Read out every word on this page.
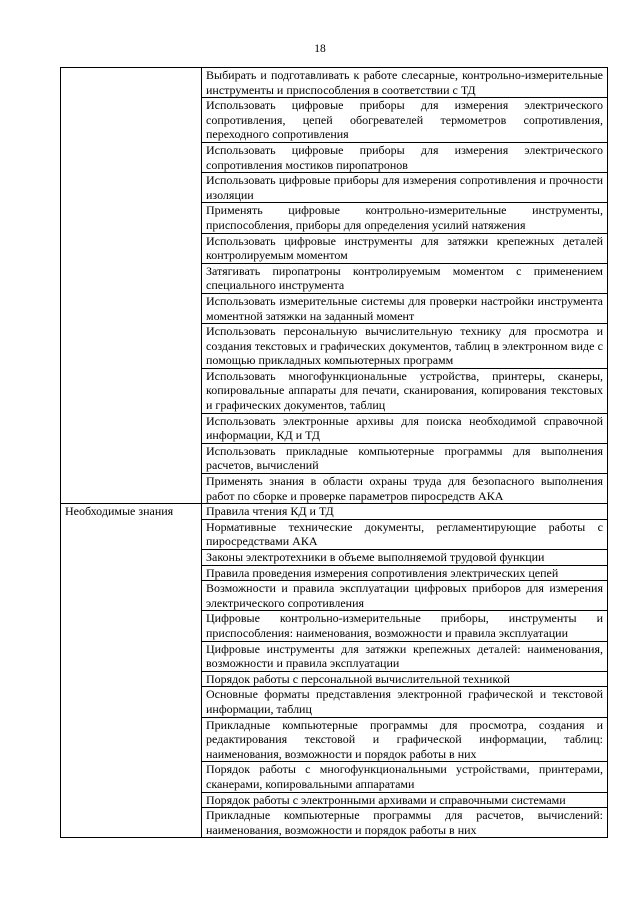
18
	Выбирать и подготавливать к работе слесарные, контрольно-измерительные инструменты и приспособления в соответствии с ТД
	Использовать цифровые приборы для измерения электрического сопротивления, цепей обогревателей термометров сопротивления, переходного сопротивления
	Использовать цифровые приборы для измерения электрического сопротивления мостиков пиропатронов
	Использовать цифровые приборы для измерения сопротивления и прочности изоляции
	Применять цифровые контрольно-измерительные инструменты, приспособления, приборы для определения усилий натяжения
	Использовать цифровые инструменты для затяжки крепежных деталей контролируемым моментом
	Затягивать пиропатроны контролируемым моментом с применением специального инструмента
	Использовать измерительные системы для проверки настройки инструмента моментной затяжки на заданный момент
	Использовать персональную вычислительную технику для просмотра и создания текстовых и графических документов, таблиц в электронном виде с помощью прикладных компьютерных программ
	Использовать многофункциональные устройства, принтеры, сканеры, копировальные аппараты для печати, сканирования, копирования текстовых и графических документов, таблиц
	Использовать электронные архивы для поиска необходимой справочной информации, КД и ТД
	Использовать прикладные компьютерные программы для выполнения расчетов, вычислений
	Применять знания в области охраны труда для безопасного выполнения работ по сборке и проверке параметров пиросредств АКА
Необходимые знания	Правила чтения КД и ТД
	Нормативные технические документы, регламентирующие работы с пиросредствами АКА
	Законы электротехники в объеме выполняемой трудовой функции
	Правила проведения измерения сопротивления электрических цепей
	Возможности и правила эксплуатации цифровых приборов для измерения электрического сопротивления
	Цифровые контрольно-измерительные приборы, инструменты и приспособления: наименования, возможности и правила эксплуатации
	Цифровые инструменты для затяжки крепежных деталей: наименования, возможности и правила эксплуатации
	Порядок работы с персональной вычислительной техникой
	Основные форматы представления электронной графической и текстовой информации, таблиц
	Прикладные компьютерные программы для просмотра, создания и редактирования текстовой и графической информации, таблиц: наименования, возможности и порядок работы в них
	Порядок работы с многофункциональными устройствами, принтерами, сканерами, копировальными аппаратами
	Порядок работы с электронными архивами и справочными системами
	Прикладные компьютерные программы для расчетов, вычислений: наименования, возможности и порядок работы в них
